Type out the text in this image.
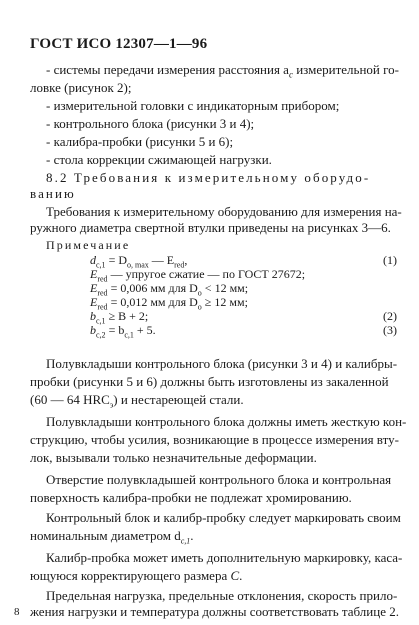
ГОСТ ИСО 12307—1—96
- системы передачи измерения расстояния $a_c$ измерительной го-
ловке (рисунок 2);
- измерительной головки с индикаторным прибором;
- контрольного блока (рисунки 3 и 4);
- калибра-пробки (рисунки 5 и 6);
- стола коррекции сжимающей нагрузки.
8.2 Требования к измерительному оборудо-
ванию
Требования к измерительному оборудованию для измерения на-
ружного диаметра свертной втулки приведены на рисунках 3—6.
Примечание
$d_{c,1} = D_{o, max}$ — $E_{red}$,	(1)
$E_{red}$ — упругое сжатие — по ГОСТ 27672;
$E_{red} = 0,006$ мм для $D_o < 12$ мм;
$E_{red} = 0,012$ мм для $D_o \ge 12$ мм;
$b_{c,1} \ge B + 2$;	(2)
$b_{c,2} = b_{c,1} + 5$.	(3)
Полувкладыши контрольного блока (рисунки 3 и 4) и калибры-
пробки (рисунки 5 и 6) должны быть изготовлены из закаленной
(60 — 64 $HRC_э$) и нестареющей стали.
Полувкладыши контрольного блока должны иметь жесткую кон-
струкцию, чтобы усилия, возникающие в процессе измерения вту-
лок, вызывали только незначительные деформации.
Отверстие полувкладышей контрольного блока и контрольная
поверхность калибра-пробки не подлежат хромированию.
Контрольный блок и калибр-пробку следует маркировать своим
номинальным диаметром $d_{c,1}$.
Калибр-пробка может иметь дополнительную маркировку, каса-
ющуюся корректирующего размера C.
8
Предельная нагрузка, предельные отклонения, скорость прило-
жения нагрузки и температура должны соответствовать таблице 2.
